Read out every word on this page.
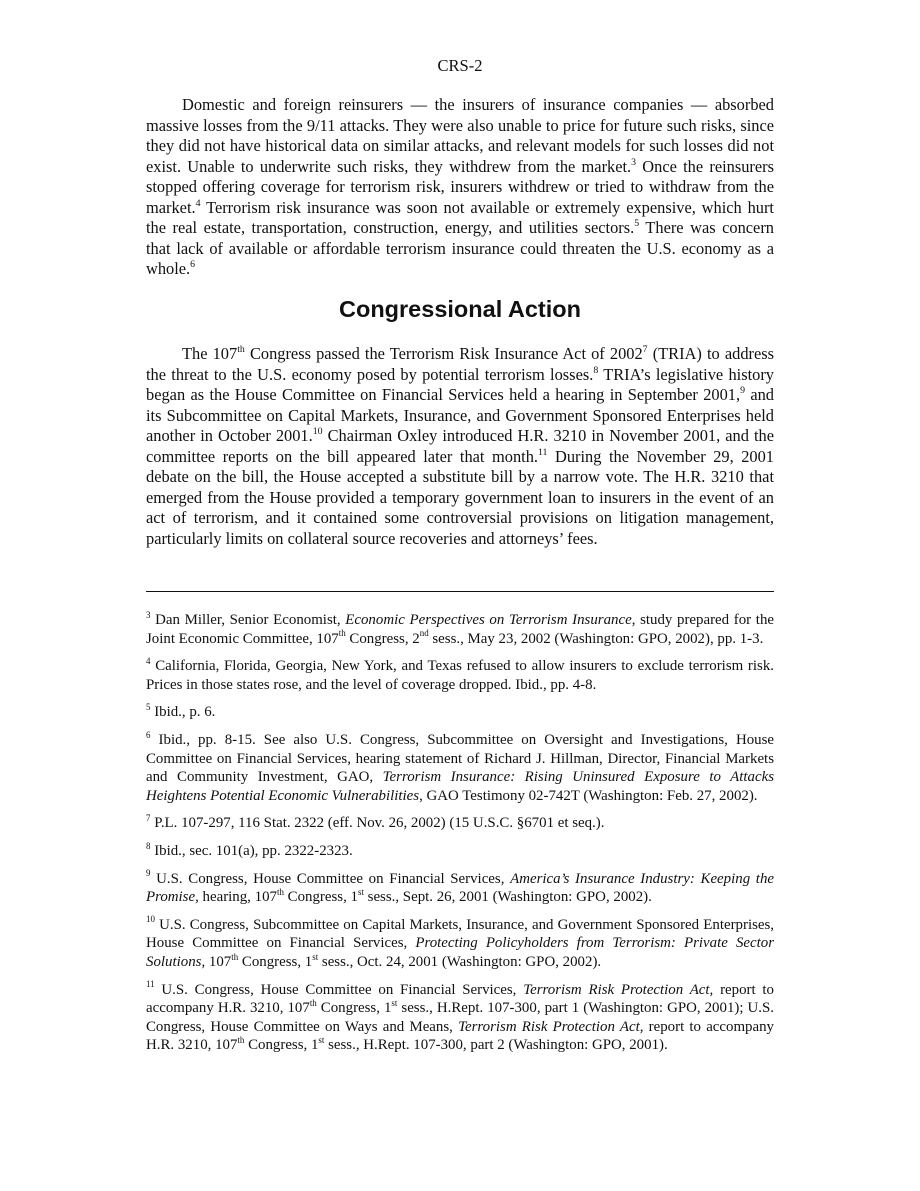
CRS-2

Domestic and foreign reinsurers — the insurers of insurance companies — absorbed massive losses from the 9/11 attacks. They were also unable to price for future such risks, since they did not have historical data on similar attacks, and relevant models for such losses did not exist. Unable to underwrite such risks, they withdrew from the market.$^3$ Once the reinsurers stopped offering coverage for terrorism risk, insurers withdrew or tried to withdraw from the market.$^4$ Terrorism risk insurance was soon not available or extremely expensive, which hurt the real estate, transportation, construction, energy, and utilities sectors.$^5$ There was concern that lack of available or affordable terrorism insurance could threaten the U.S. economy as a whole.$^6$

Congressional Action

The 107th Congress passed the Terrorism Risk Insurance Act of 2002$^7$ (TRIA) to address the threat to the U.S. economy posed by potential terrorism losses.$^8$ TRIA’s legislative history began as the House Committee on Financial Services held a hearing in September 2001,$^9$ and its Subcommittee on Capital Markets, Insurance, and Government Sponsored Enterprises held another in October 2001.10 Chairman Oxley introduced H.R. 3210 in November 2001, and the committee reports on the bill appeared later that month.$^{11}$ During the November 29, 2001 debate on the bill, the House accepted a substitute bill by a narrow vote. The H.R. 3210 that emerged from the House provided a temporary government loan to insurers in the event of an act of terrorism, and it contained some controversial provisions on litigation management, particularly limits on collateral source recoveries and attorneys’ fees.

$^3$ Dan Miller, Senior Economist, Economic Perspectives on Terrorism Insurance, study prepared for the Joint Economic Committee, 107th Congress, 2nd sess., May 23, 2002 (Washington: GPO, 2002), pp. 1-3.

$^4$ California, Florida, Georgia, New York, and Texas refused to allow insurers to exclude terrorism risk. Prices in those states rose, and the level of coverage dropped. Ibid., pp. 4-8.

$^5$ Ibid., p. 6.

$^6$ Ibid., pp. 8-15. See also U.S. Congress, Subcommittee on Oversight and Investigations, House Committee on Financial Services, hearing statement of Richard J. Hillman, Director, Financial Markets and Community Investment, GAO, Terrorism Insurance: Rising Uninsured Exposure to Attacks Heightens Potential Economic Vulnerabilities, GAO Testimony 02-742T (Washington: Feb. 27, 2002).

$^7$ P.L. 107-297, 116 Stat. 2322 (eff. Nov. 26, 2002) (15 U.S.C. §6701 et seq.).

$^8$ Ibid., sec. 101(a), pp. 2322-2323.

$^9$ U.S. Congress, House Committee on Financial Services, America’s Insurance Industry: Keeping the Promise, hearing, 107th Congress, 1st sess., Sept. 26, 2001 (Washington: GPO, 2002).

$^{10}$ U.S. Congress, Subcommittee on Capital Markets, Insurance, and Government Sponsored Enterprises, House Committee on Financial Services, Protecting Policyholders from Terrorism: Private Sector Solutions, 107th Congress, 1st sess., Oct. 24, 2001 (Washington: GPO, 2002).

$^{11}$ U.S. Congress, House Committee on Financial Services, Terrorism Risk Protection Act, report to accompany H.R. 3210, 107th Congress, 1st sess., H.Rept. 107-300, part 1 (Washington: GPO, 2001); U.S. Congress, House Committee on Ways and Means, Terrorism Risk Protection Act, report to accompany H.R. 3210, 107th Congress, 1st sess., H.Rept. 107-300, part 2 (Washington: GPO, 2001).
